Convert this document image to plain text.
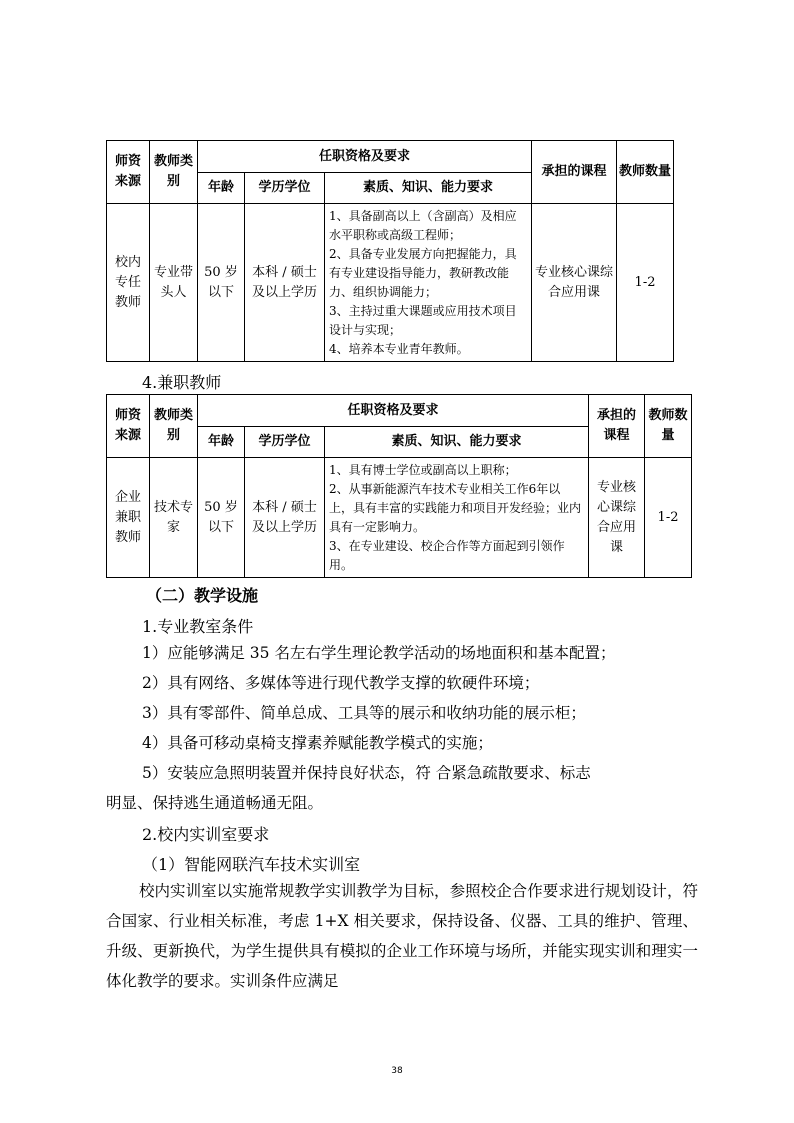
师资来源	教师类别	任职资格及要求			承担的课程	教师数量
		年龄	学历学位	素质、知识、能力要求		
校内专任教师	专业带头人	50 岁以下	本科 / 硕士及以上学历	1、具备副高以上（含副高）及相应水平职称或高级工程师；
2、具备专业发展方向把握能力，具有专业建设指导能力，教研教改能力、组织协调能力；
3、主持过重大课题或应用技术项目设计与实现；
4、培养本专业青年教师。	专业核心课综合应用课	1-2
4.兼职教师
师资来源	教师类别	任职资格及要求			承担的课程	教师数量
		年龄	学历学位	素质、知识、能力要求		
企业兼职教师	技术专家	50 岁以下	本科 / 硕士及以上学历	1、具有博士学位或副高以上职称；
2、从事新能源汽车技术专业相关工作6年以上，具有丰富的实践能力和项目开发经验；业内具有一定影响力。
3、在专业建设、校企合作等方面起到引领作用。	专业核心课综合应用课	1-2
（二）教学设施
1.专业教室条件
1）应能够满足 35 名左右学生理论教学活动的场地面积和基本配置；
2）具有网络、多媒体等进行现代教学支撑的软硬件环境；
3）具有零部件、简单总成、工具等的展示和收纳功能的展示柜；
4）具备可移动桌椅支撑素养赋能教学模式的实施；
5）安装应急照明装置并保持良好状态，符 合紧急疏散要求、标志
明显、保持逃生通道畅通无阻。
2.校内实训室要求
（1）智能网联汽车技术实训室
校内实训室以实施常规教学实训教学为目标，参照校企合作要求进行规划设计，符合国家、行业相关标准，考虑 1+X 相关要求，保持设备、仪器、工具的维护、管理、升级、更新换代，为学生提供具有模拟的企业工作环境与场所，并能实现实训和理实一体化教学的要求。实训条件应满足
38
